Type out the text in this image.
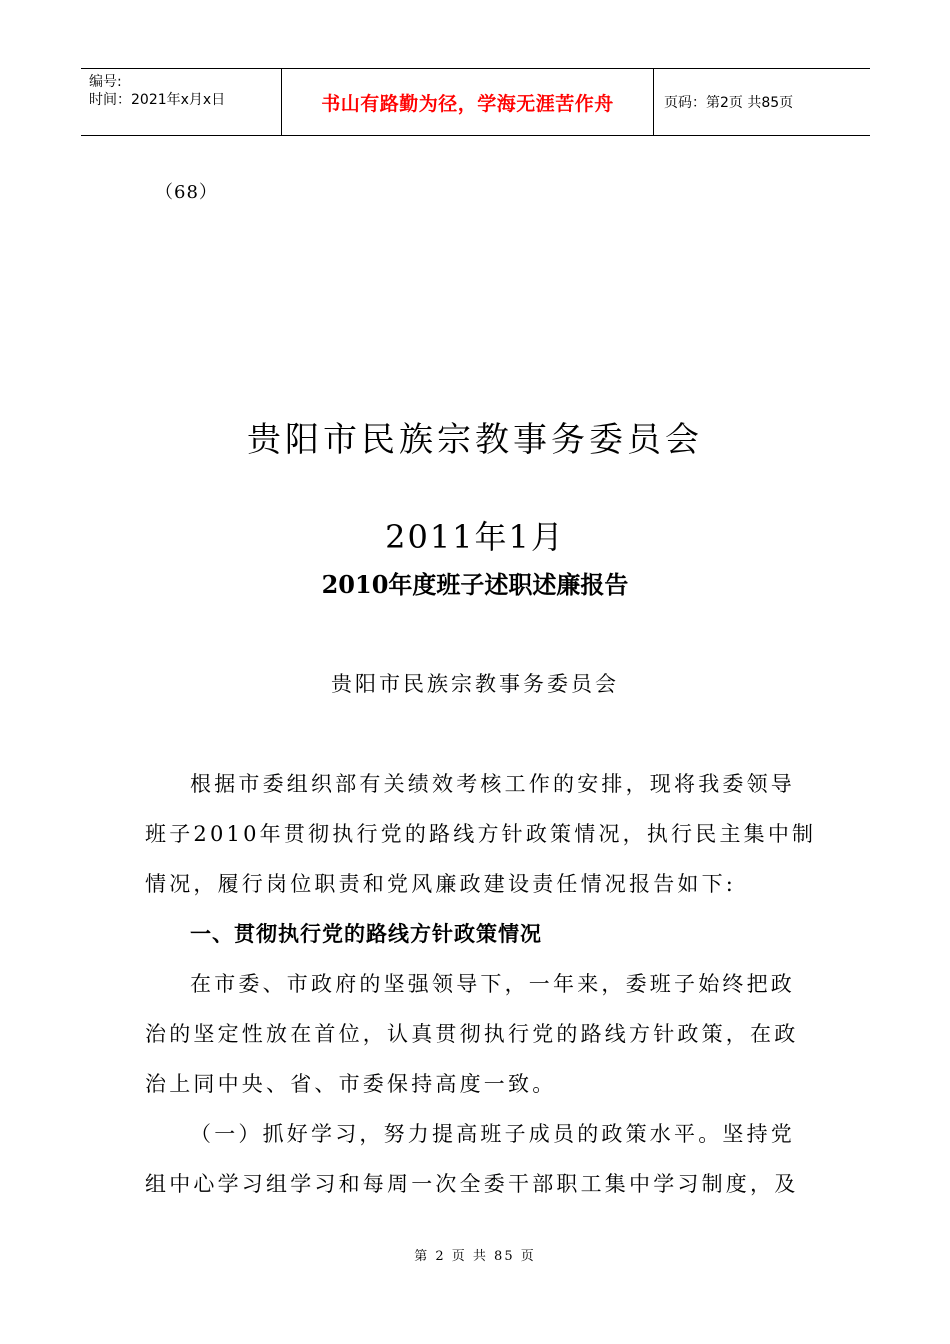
编号:
时间：2021年x月x日	书山有路勤为径，学海无涯苦作舟	页码：第2页 共85页
（68）
贵阳市民族宗教事务委员会
2011年1月
2010年度班子述职述廉报告
贵阳市民族宗教事务委员会
根据市委组织部有关绩效考核工作的安排，现将我委领导
班子2010年贯彻执行党的路线方针政策情况，执行民主集中制
情况，履行岗位职责和党风廉政建设责任情况报告如下:
一、贯彻执行党的路线方针政策情况
在市委、市政府的坚强领导下，一年来，委班子始终把政
治的坚定性放在首位，认真贯彻执行党的路线方针政策，在政
治上同中央、省、市委保持高度一致。
（一）抓好学习，努力提高班子成员的政策水平。坚持党
组中心学习组学习和每周一次全委干部职工集中学习制度，及
第 2 页 共 85 页
